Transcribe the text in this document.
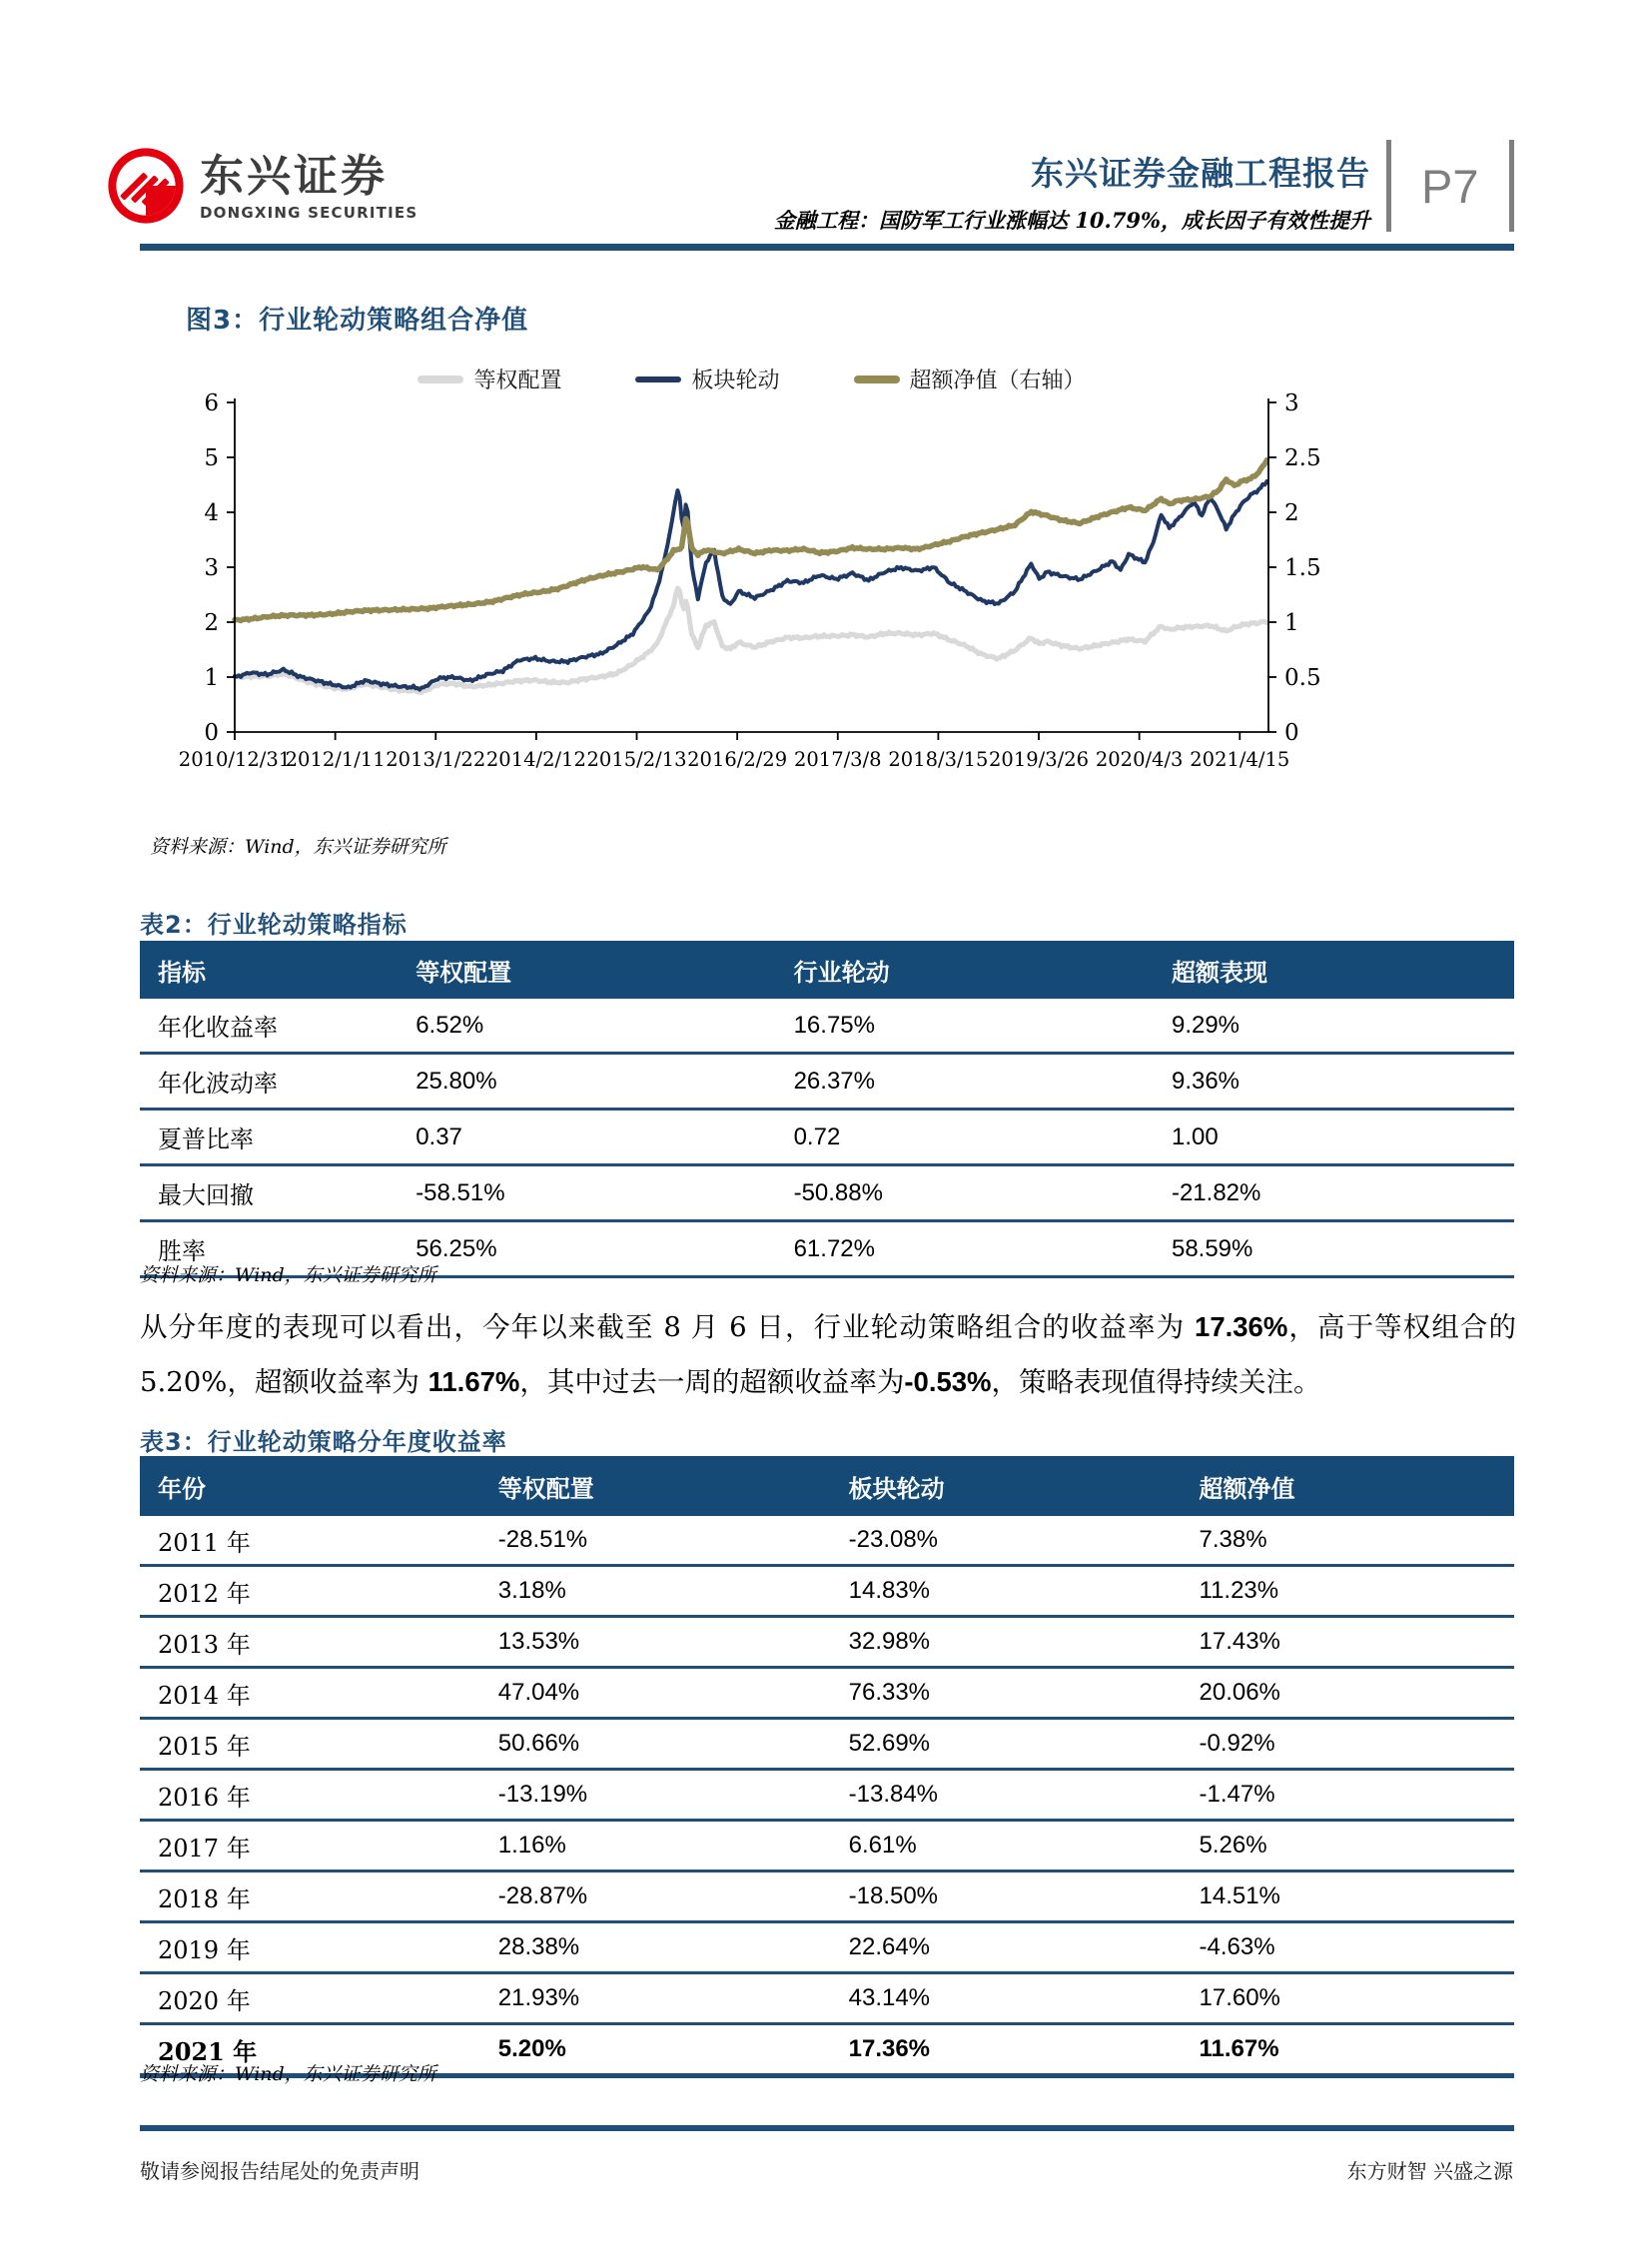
东兴证券
DONGXING SECURITIES
东兴证券金融工程报告
金融工程：国防军工行业涨幅达 10.79%，成长因子有效性提升
P7
图3：行业轮动策略组合净值
等权配置	板块轮动	超额净值（右轴）
0
1
2
3
4
5
6
0
0.5
1
1.5
2
2.5
3
2010/12/31
2012/1/11 2013/1/22 2014/2/12 2015/2/13 2016/2/29 2017/3/8 2018/3/15 2019/3/26 2020/4/3 2021/4/15
资料来源：Wind，东兴证券研究所
表2：行业轮动策略指标
指标	等权配置	行业轮动	超额表现
年化收益率	6.52%	16.75%	9.29%
年化波动率	25.80%	26.37%	9.36%
夏普比率	0.37	0.72	1.00
最大回撤	-58.51%	-50.88%	-21.82%
胜率	56.25%	61.72%	58.59%
资料来源：Wind，东兴证券研究所
从分年度的表现可以看出，今年以来截至 8 月 6 日，行业轮动策略组合的收益率为 17.36%，高于等权组合的 5.20%，超额收益率为 11.67%，其中过去一周的超额收益率为-0.53%，策略表现值得持续关注。
表3：行业轮动策略分年度收益率
年份	等权配置	板块轮动	超额净值
2011 年	-28.51%	-23.08%	7.38%
2012 年	3.18%	14.83%	11.23%
2013 年	13.53%	32.98%	17.43%
2014 年	47.04%	76.33%	20.06%
2015 年	50.66%	52.69%	-0.92%
2016 年	-13.19%	-13.84%	-1.47%
2017 年	1.16%	6.61%	5.26%
2018 年	-28.87%	-18.50%	14.51%
2019 年	28.38%	22.64%	-4.63%
2020 年	21.93%	43.14%	17.60%
2021 年	5.20%	17.36%	11.67%
资料来源：Wind，东兴证券研究所
敬请参阅报告结尾处的免责声明	东方财智 兴盛之源
